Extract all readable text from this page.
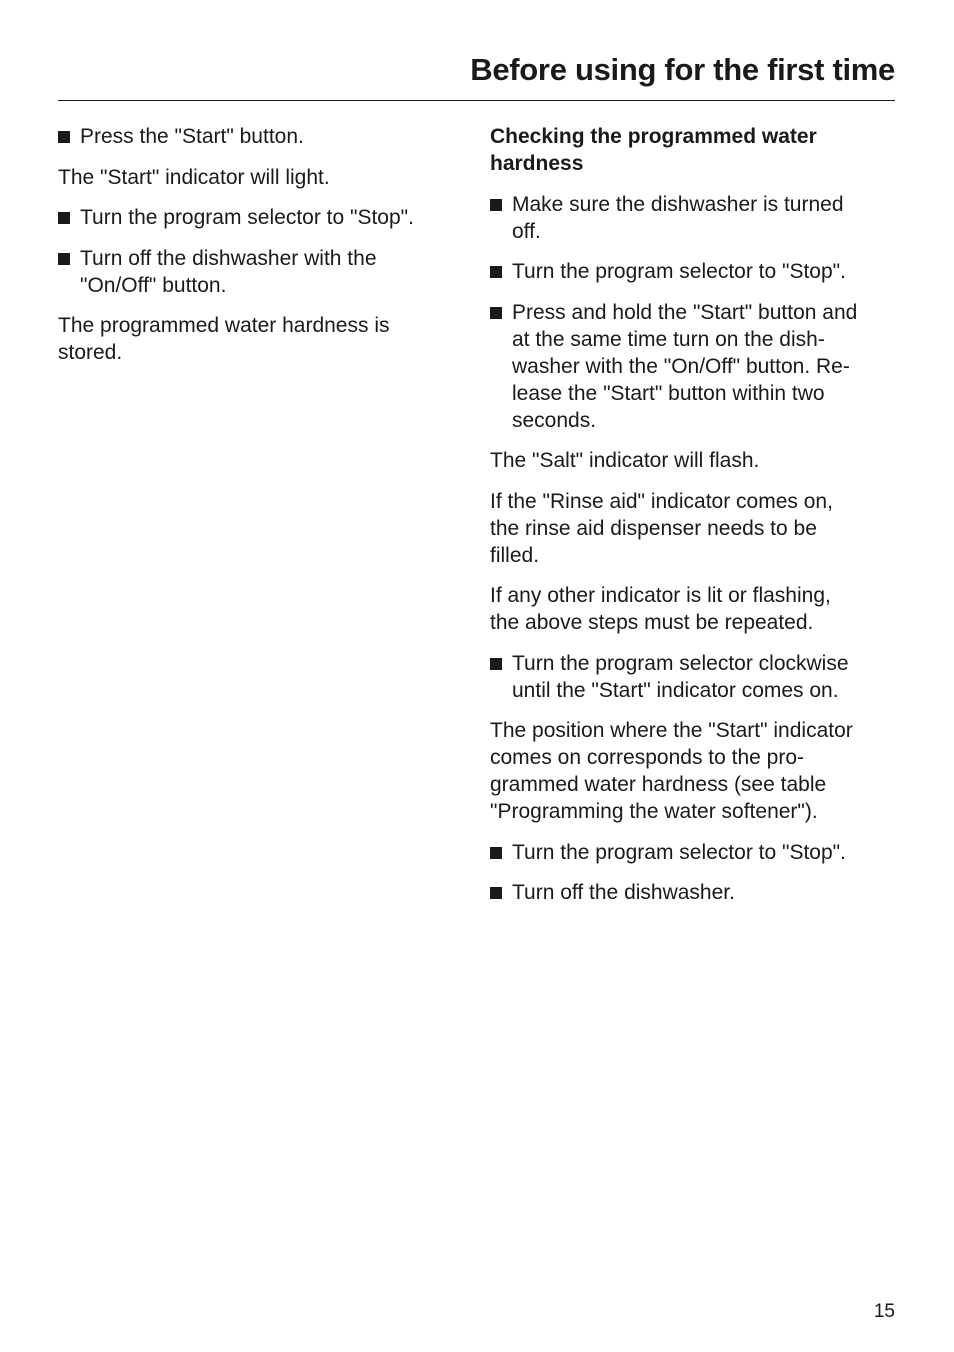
Before using for the first time
Press the "Start" button.

The "Start" indicator will light.

Turn the program selector to "Stop".
Turn off the dishwasher with the
"On/Off" button.

The programmed water hardness is
stored.

Checking the programmed water
hardness

Make sure the dishwasher is turned
off.
Turn the program selector to "Stop".
Press and hold the "Start" button and
at the same time turn on the dish-
washer with the "On/Off" button. Re-
lease the "Start" button within two
seconds.

The "Salt" indicator will flash.

If the "Rinse aid" indicator comes on,
the rinse aid dispenser needs to be
filled.

If any other indicator is lit or flashing,
the above steps must be repeated.

Turn the program selector clockwise
until the "Start" indicator comes on.

The position where the "Start" indicator
comes on corresponds to the pro-
grammed water hardness (see table
"Programming the water softener").

Turn the program selector to "Stop".
Turn off the dishwasher.
15
